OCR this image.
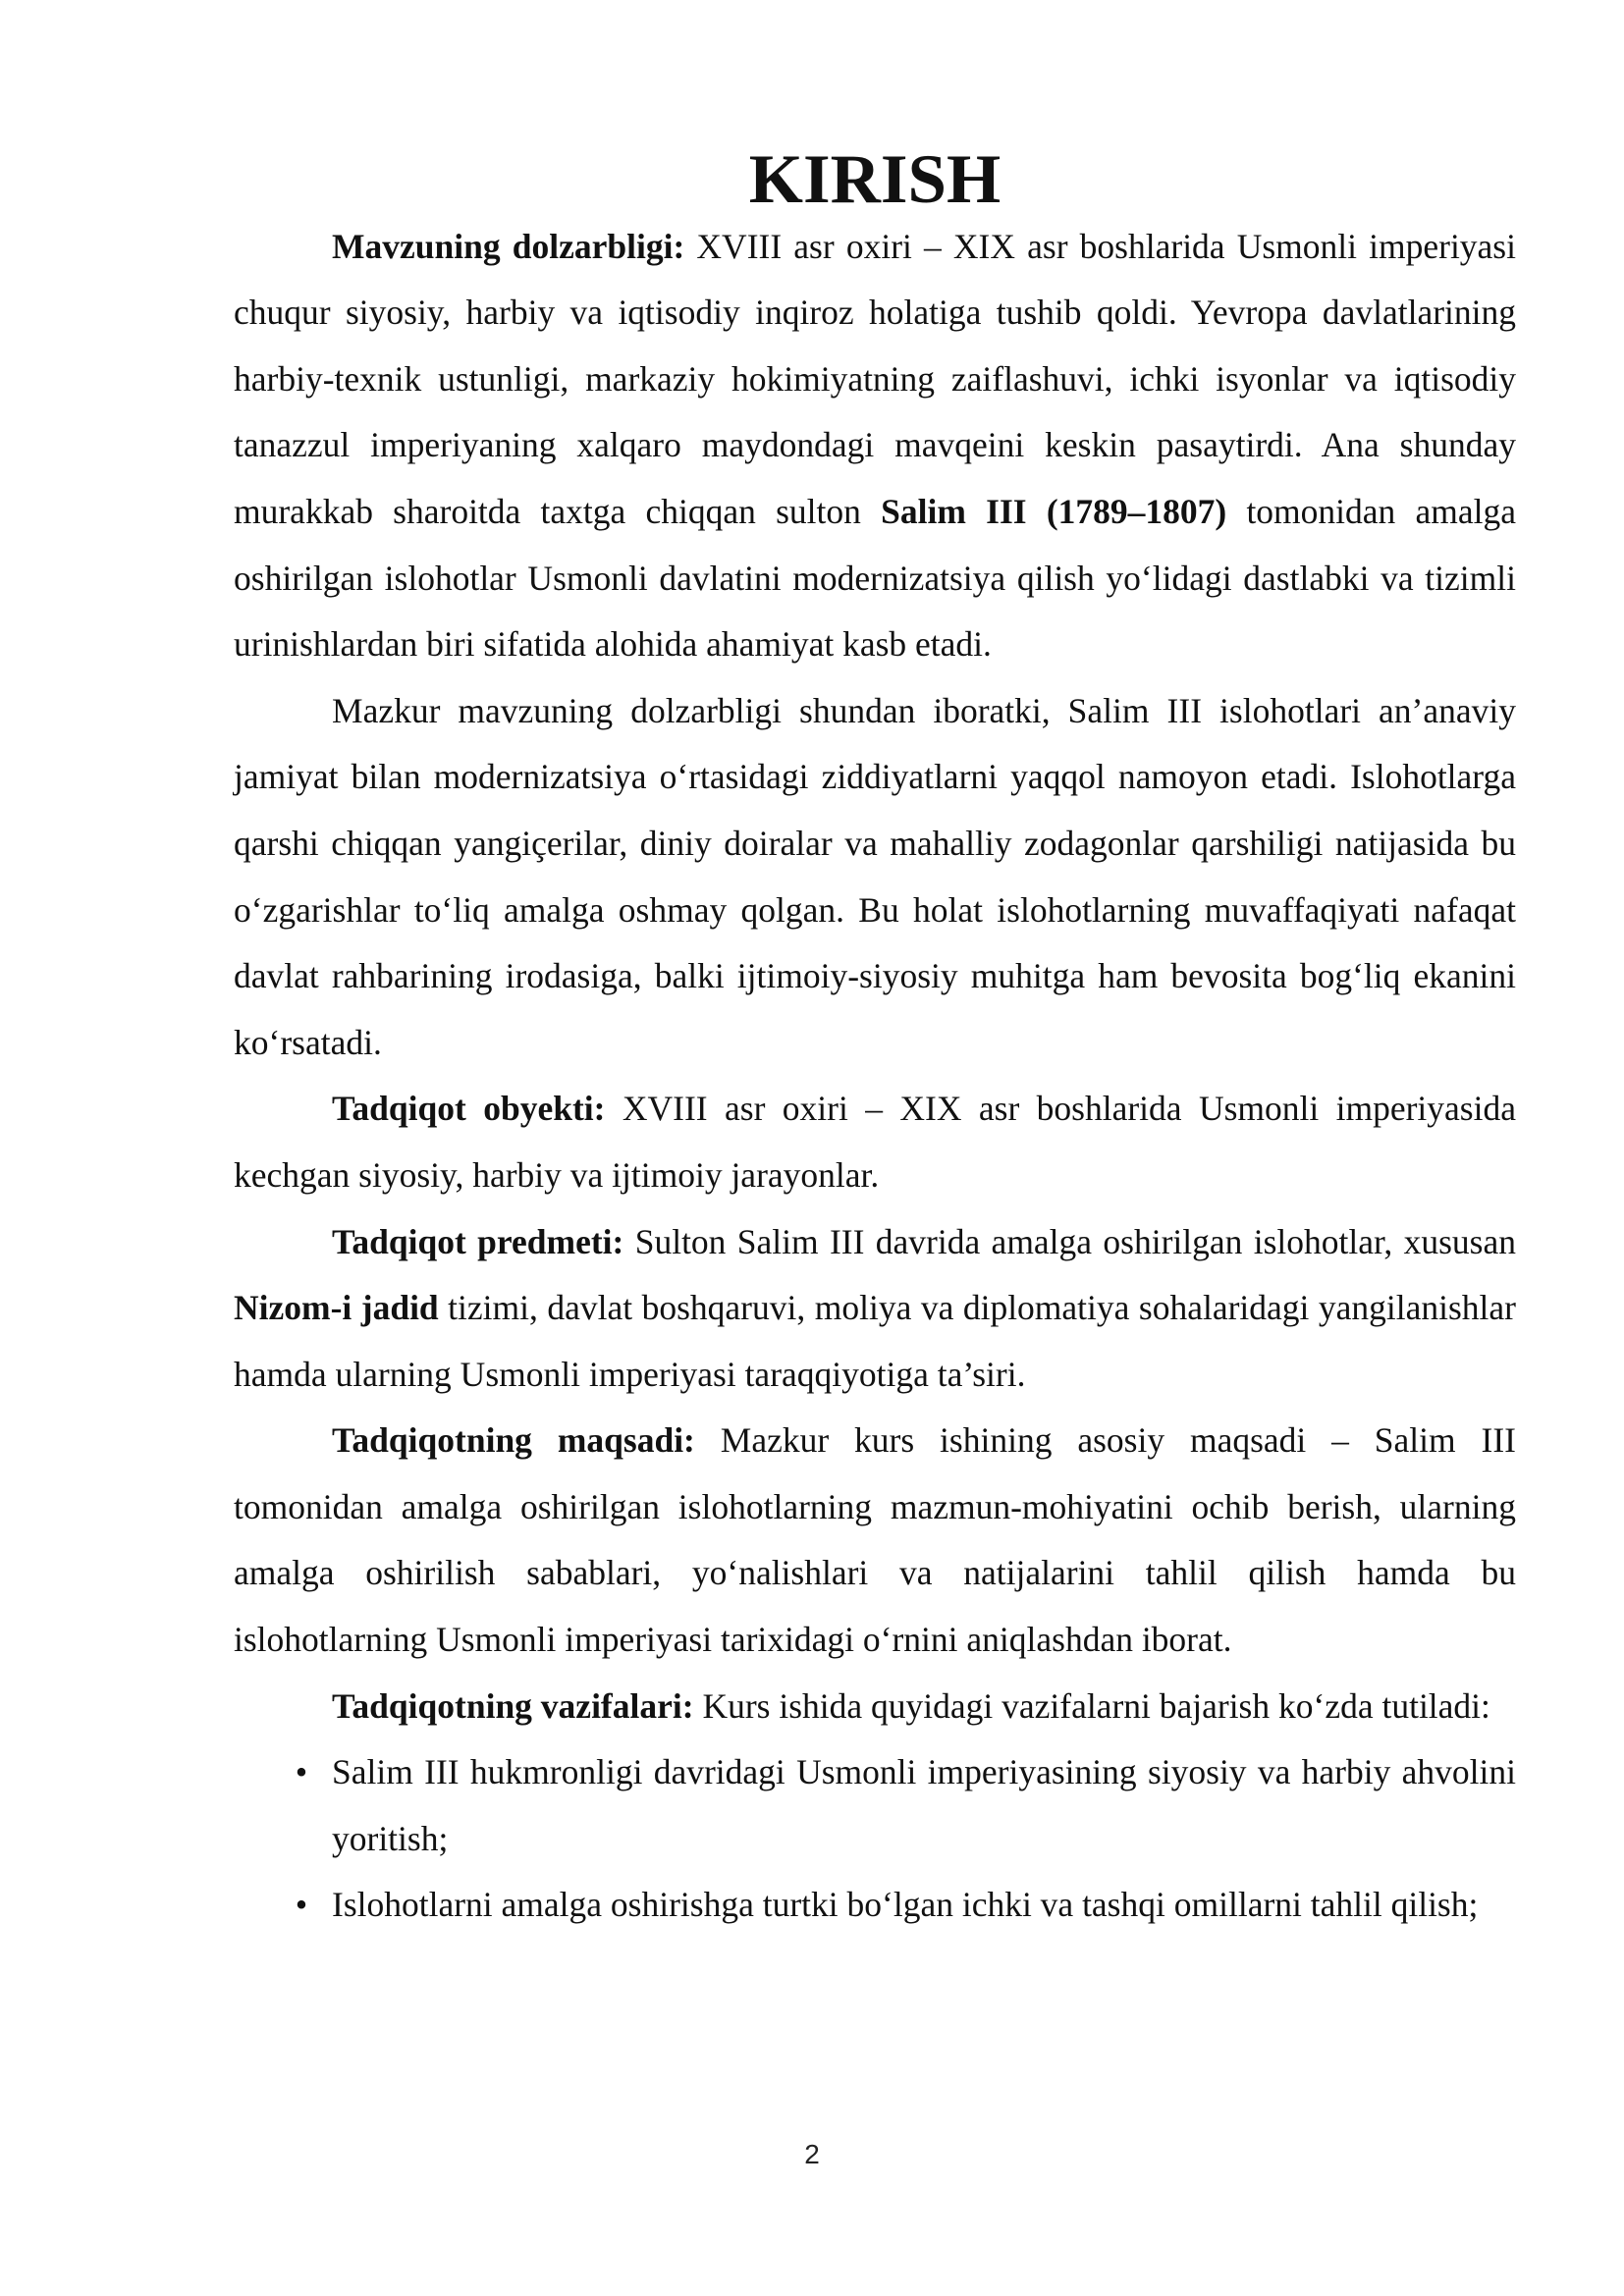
KIRISH

Mavzuning dolzarbligi: XVIII asr oxiri – XIX asr boshlarida Usmonli imperiyasi chuqur siyosiy, harbiy va iqtisodiy inqiroz holatiga tushib qoldi. Yevropa davlatlarining harbiy-texnik ustunligi, markaziy hokimiyatning zaiflashuvi, ichki isyonlar va iqtisodiy tanazzul imperiyaning xalqaro maydondagi mavqeini keskin pasaytirdi. Ana shunday murakkab sharoitda taxtga chiqqan sulton Salim III (1789–1807) tomonidan amalga oshirilgan islohotlar Usmonli davlatini modernizatsiya qilish yo‘lidagi dastlabki va tizimli urinishlardan biri sifatida alohida ahamiyat kasb etadi.

Mazkur mavzuning dolzarbligi shundan iboratki, Salim III islohotlari an’anaviy jamiyat bilan modernizatsiya o‘rtasidagi ziddiyatlarni yaqqol namoyon etadi. Islohotlarga qarshi chiqqan yangiçerilar, diniy doiralar va mahalliy zodagonlar qarshiligi natijasida bu o‘zgarishlar to‘liq amalga oshmay qolgan. Bu holat islohotlarning muvaffaqiyati nafaqat davlat rahbarining irodasiga, balki ijtimoiy-siyosiy muhitga ham bevosita bog‘liq ekanini ko‘rsatadi.

Tadqiqot obyekti: XVIII asr oxiri – XIX asr boshlarida Usmonli imperiyasida kechgan siyosiy, harbiy va ijtimoiy jarayonlar.

Tadqiqot predmeti: Sulton Salim III davrida amalga oshirilgan islohotlar, xususan Nizom-i jadid tizimi, davlat boshqaruvi, moliya va diplomatiya sohalaridagi yangilanishlar hamda ularning Usmonli imperiyasi taraqqiyotiga ta’siri.

Tadqiqotning maqsadi: Mazkur kurs ishining asosiy maqsadi – Salim III tomonidan amalga oshirilgan islohotlarning mazmun-mohiyatini ochib berish, ularning amalga oshirilish sabablari, yo‘nalishlari va natijalarini tahlil qilish hamda bu islohotlarning Usmonli imperiyasi tarixidagi o‘rnini aniqlashdan iborat.

Tadqiqotning vazifalari: Kurs ishida quyidagi vazifalarni bajarish ko‘zda tutiladi:

• Salim III hukmronligi davridagi Usmonli imperiyasining siyosiy va harbiy ahvolini yoritish;
• Islohotlarni amalga oshirishga turtki bo‘lgan ichki va tashqi omillarni tahlil qilish;
2
